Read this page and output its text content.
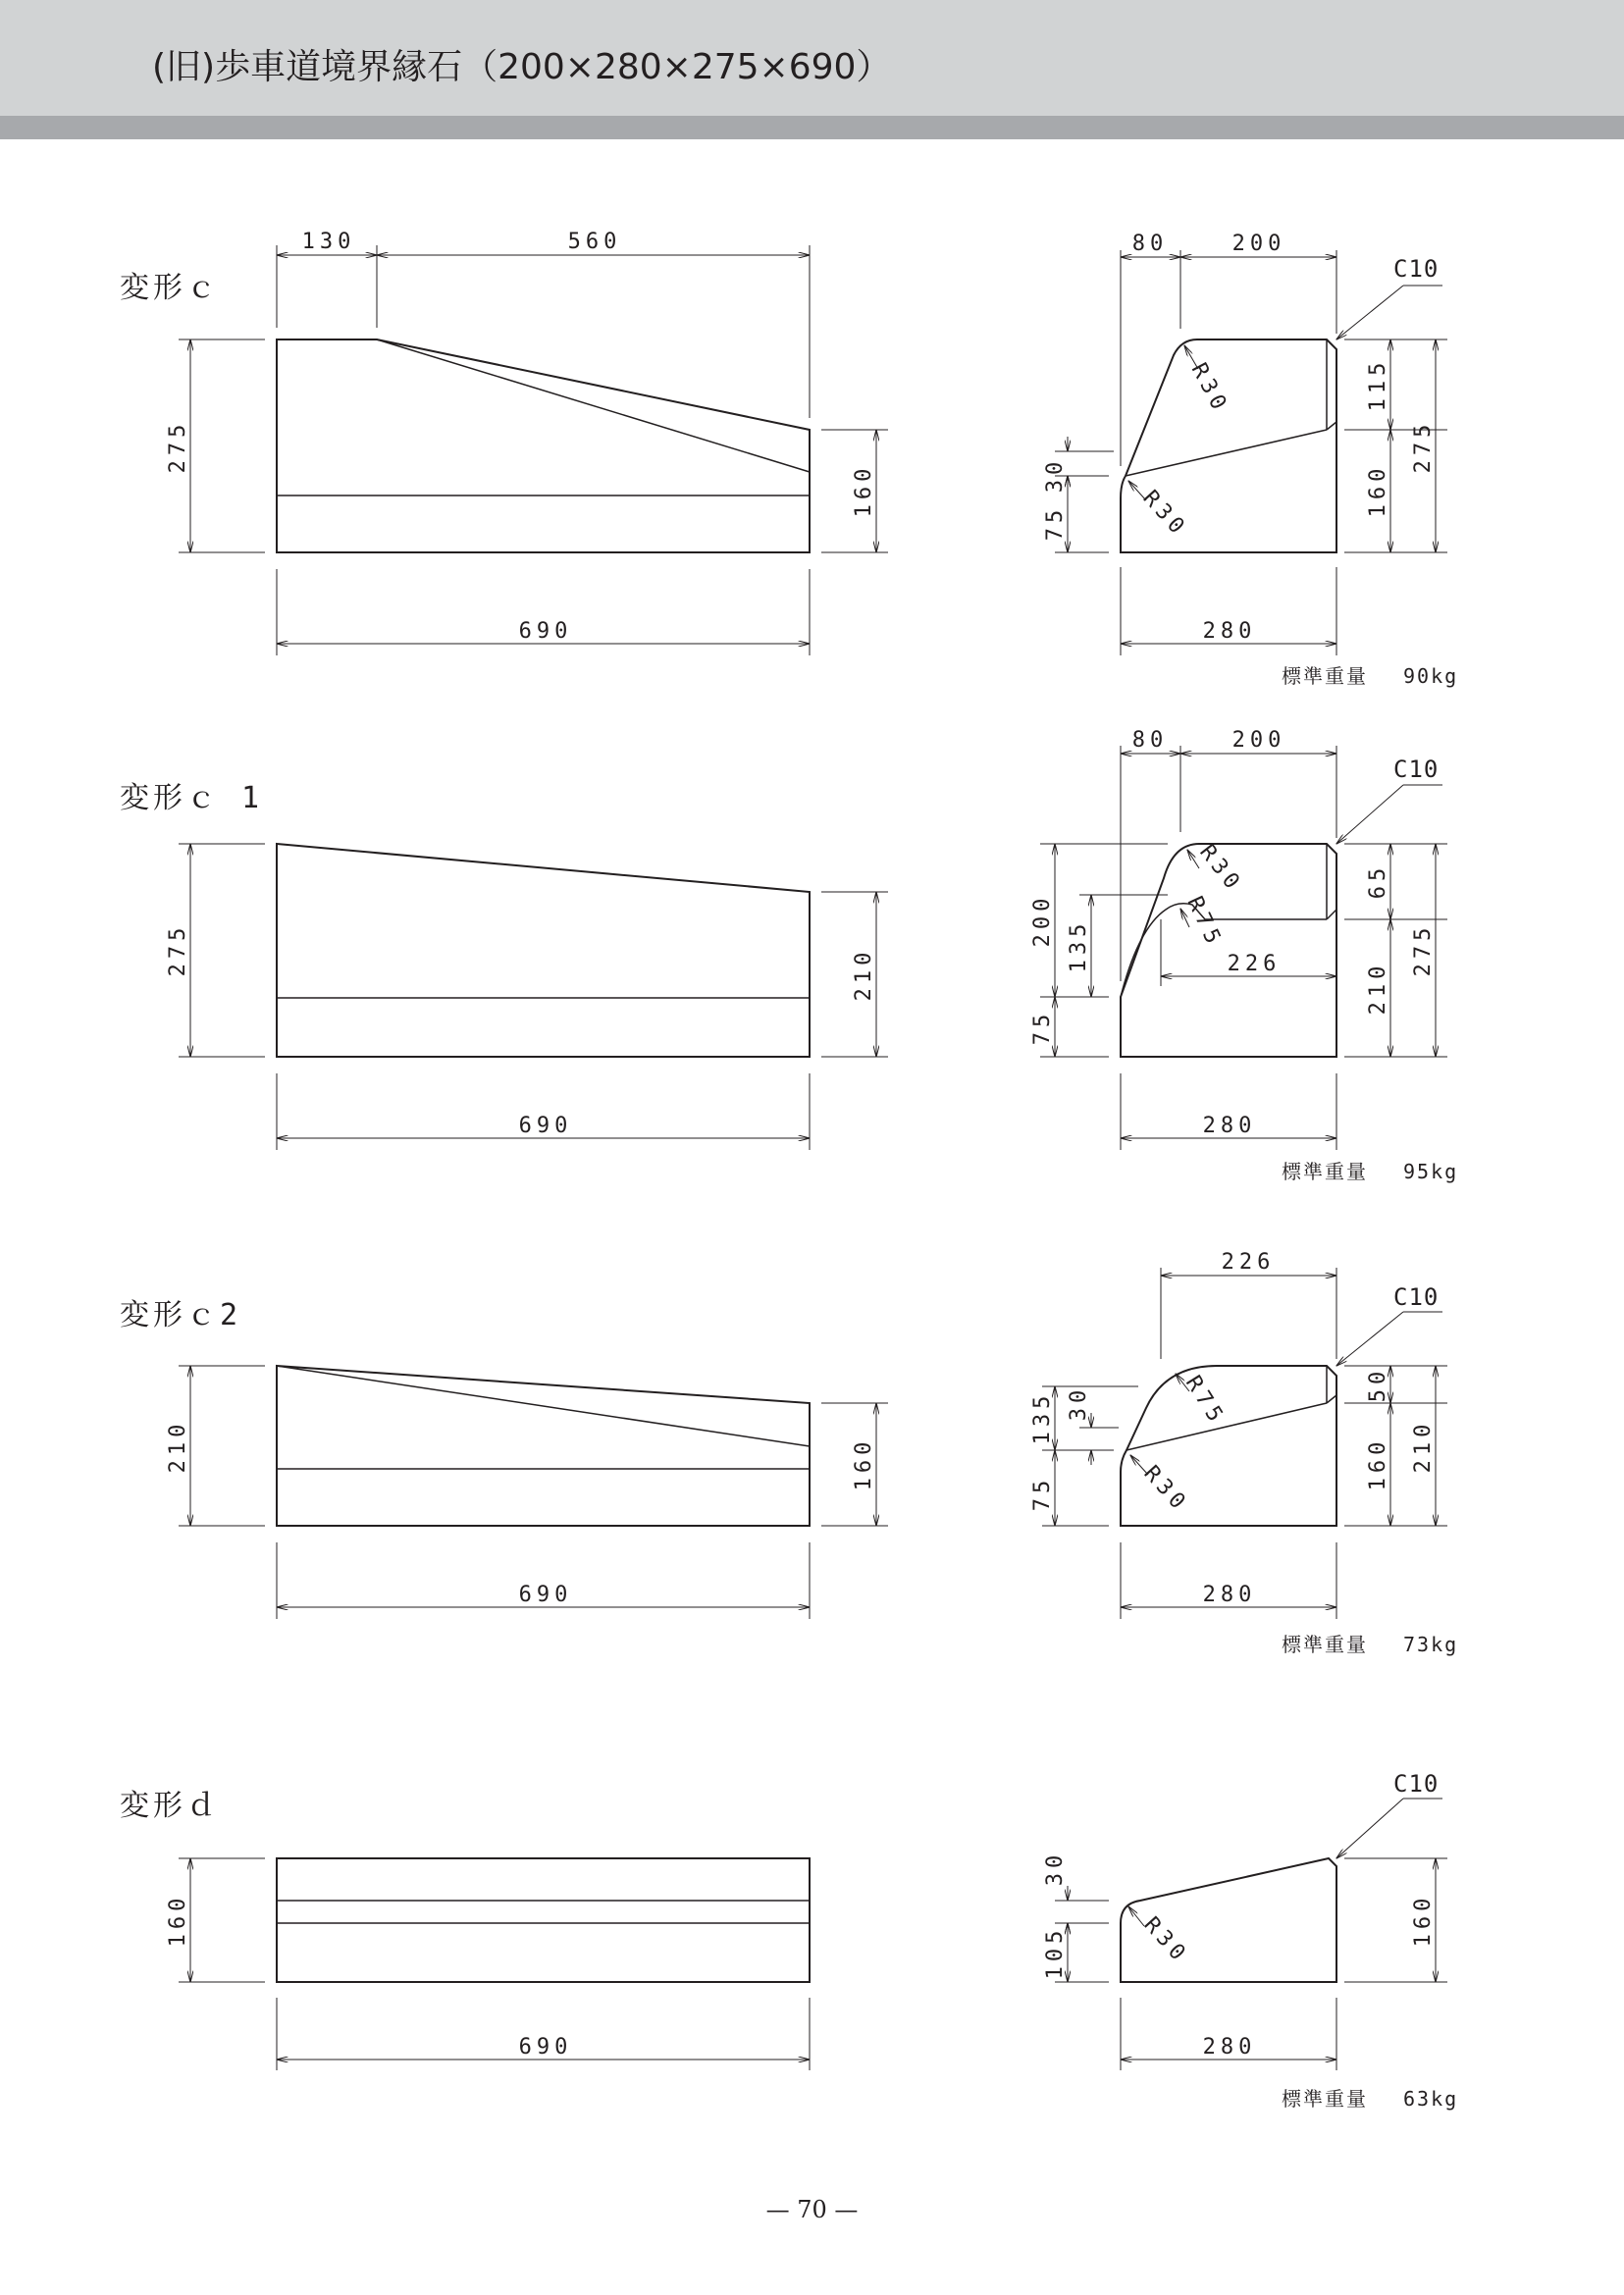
(旧)歩車道境界縁石（200×280×275×690）
変形ｃ
130	560
275
160
690
80	200
C10
115
160
275
30
75
R30
R30
280
標準重量 90kg
変形ｃ 1
275	210
690
80	200
C10
65
210
275
200 135
75
R30
R75
226
280
標準重量 95kg
変形ｃ2
210	160
690
226
C10
50
160 210
135 30
75
R75
R30
280
標準重量 73kg
変形ｄ
160
690
C10
30
105	R30	160
280
標準重量 63kg
— 70 —
